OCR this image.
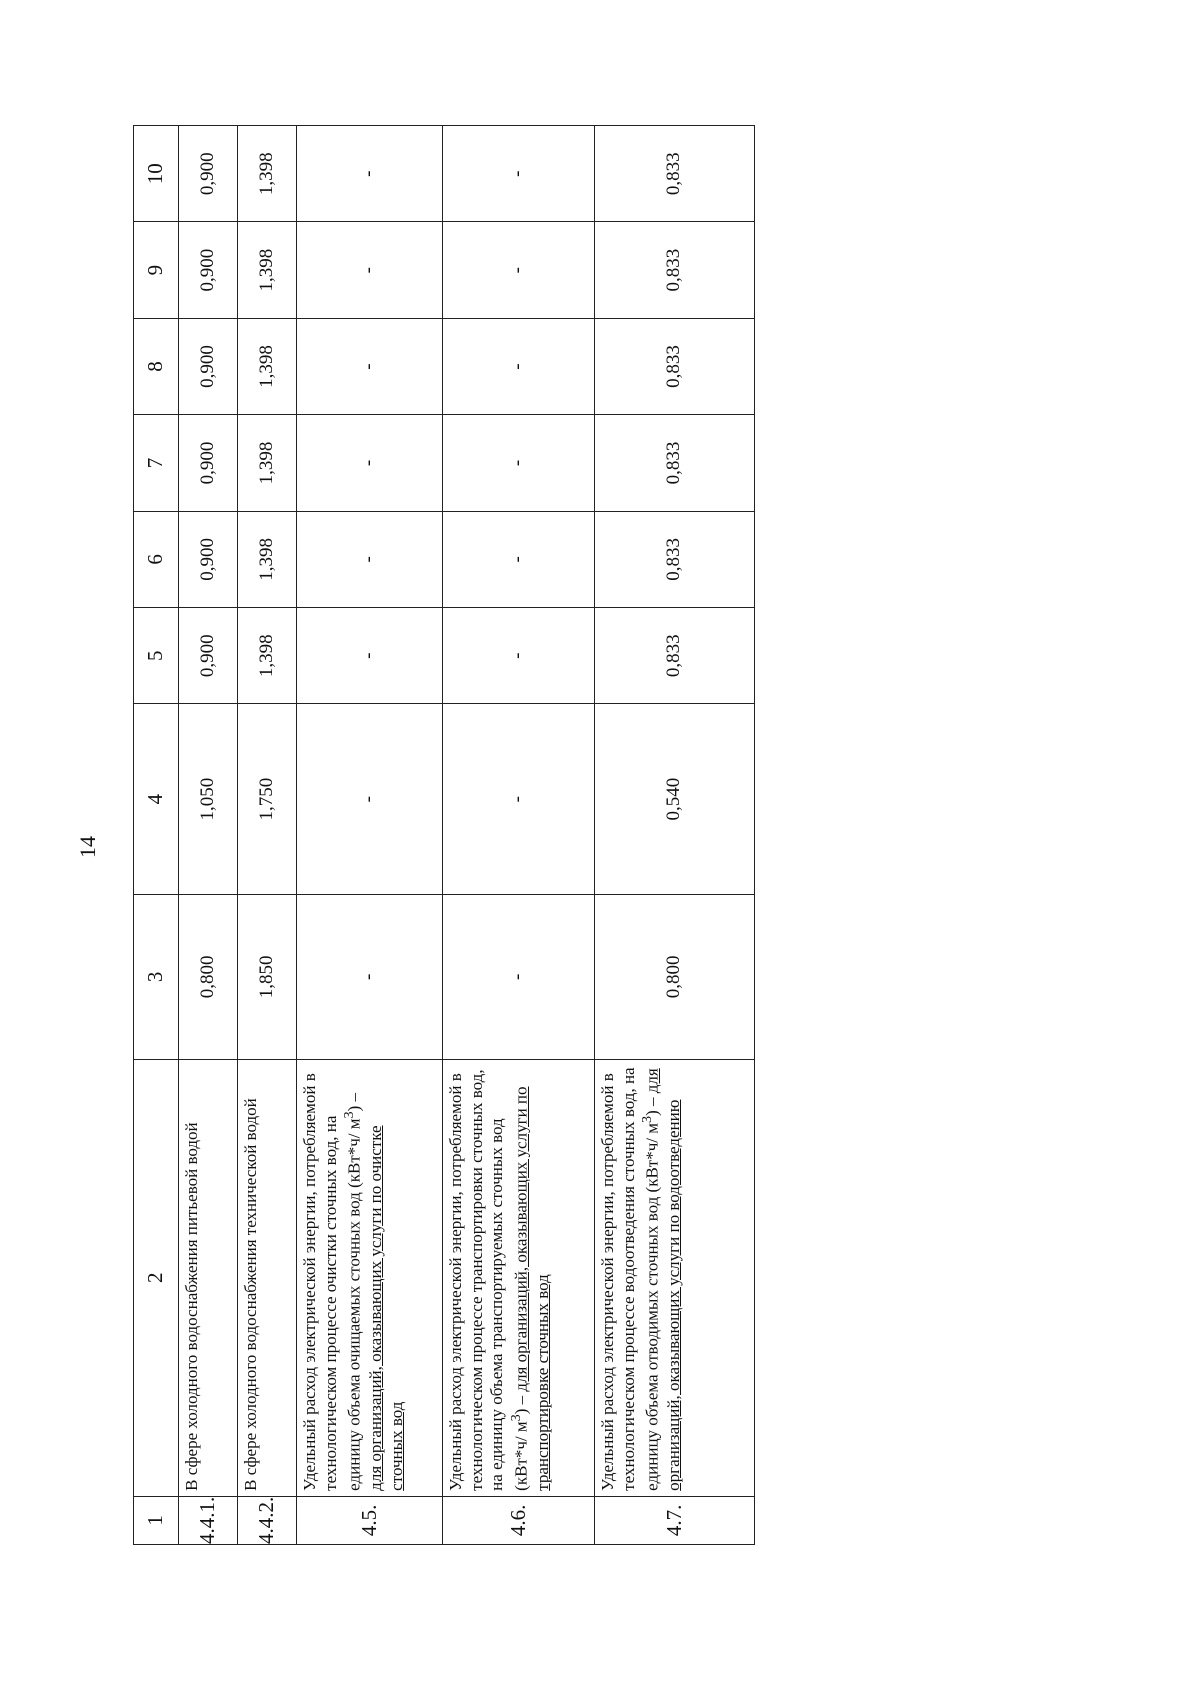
14
1	2	3	4	5	6	7	8	9	10
4.4.1.	В сфере холодного водоснабжения питьевой водой	0,800	1,050	0,900	0,900	0,900	0,900	0,900	0,900
4.4.2.	В сфере холодного водоснабжения технической водой	1,850	1,750	1,398	1,398	1,398	1,398	1,398	1,398
4.5.	Удельный расход электрической энергии, потребляемой в технологическом процессе очистки сточных вод, на единицу объема очищаемых сточных вод (кВт*ч/ $м^3$) – для организаций, оказывающих услуги по очистке сточных вод	-	-	-	-	-	-	-	-
4.6.	Удельный расход электрической энергии, потребляемой в технологическом процессе транспортировки сточных вод, на единицу объема транспортируемых сточных вод (кВт*ч/ $м^3$) – для организаций, оказывающих услуги по транспортировке сточных вод	-	-	-	-	-	-	-	-
4.7.	Удельный расход электрической энергии, потребляемой в технологическом процессе водоотведения сточных вод, на единицу объема отводимых сточных вод (кВт*ч/ $м^3$) – для организаций, оказывающих услуги по водоотведению	0,800	0,540	0,833	0,833	0,833	0,833	0,833	0,833
